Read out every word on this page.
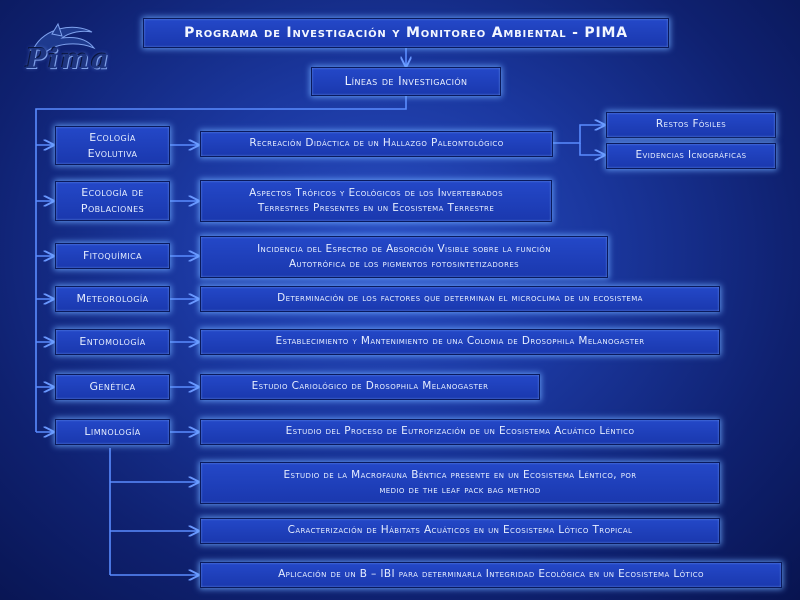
Pima
Programa de Investigación y Monitoreo Ambiental - PIMA
Líneas de Investigación
Ecología
Evolutiva
Ecología de
Poblaciones
Fitoquímica
Meteorología
Entomología
Genética
Limnología
Recreación Didáctica de un Hallazgo Paleontológico
Aspectos Tróficos y Ecológicos de los Invertebrados
Terrestres Presentes en un Ecosistema Terrestre
Incidencia del Espectro de Absorción Visible sobre la función
Autotrófica de los pigmentos fotosintetizadores
Determinación de los factores que determinan el microclima de un ecosistema
Establecimiento y Mantenimiento de una Colonia de Drosophila Melanogaster
Estudio Cariológico de Drosophila Melanogaster
Estudio del Proceso de Eutrofización de un Ecosistema Acuático Léntico
Estudio de la Macrofauna Béntica presente en un Ecosistema Léntico, por
medio de the leaf pack bag method
Caracterización de Hábitats Acuáticos en un Ecosistema Lótico Tropical
Aplicación de un B – IBI para determinarla Integridad Ecológica en un Ecosistema Lótico
Restos Fósiles
Evidencias Icnográficas
